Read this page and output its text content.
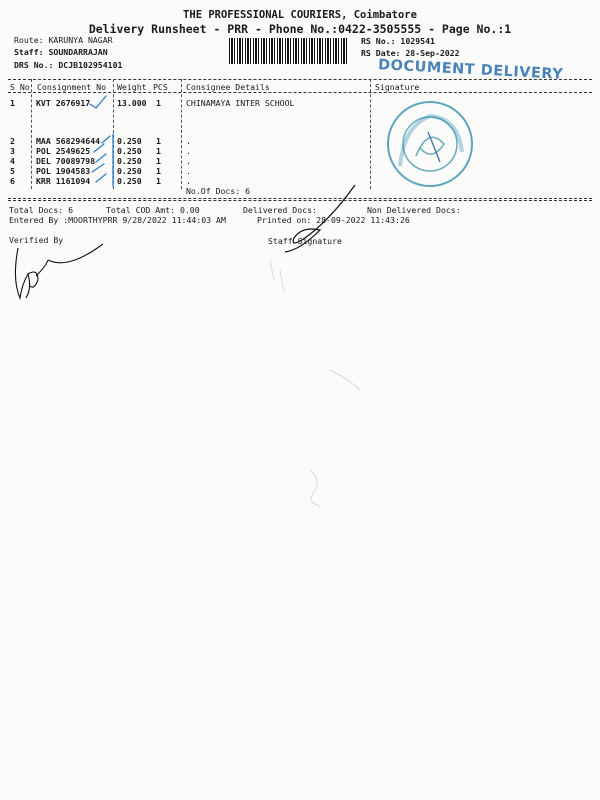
THE PROFESSIONAL COURIERS, Coimbatore
Delivery Runsheet - PRR - Phone No.:0422-3505555 - Page No.:1
Route: KARUNYA NAGAR
Staff: SOUNDARRAJAN
DRS No.: DCJB102954101
RS No.: 1029541
RS Date: 28-Sep-2022
DOCUMENT DELIVERY
S No Consignment No Weight PCS Consignee Details	Signature
1	KVT 2676917	13.000 1	CHINAMAYA INTER SCHOOL
2	MAA 568294644 0.250 1	.
3	POL 2549625	0.250 1	.
4	DEL 70089798	0.250 1	.
5	POL 1904583	0.250 1	.
6	KRR 1161094	0.250 1	.
No.Of Docs: 6
Total Docs: 6	Total COD Amt: 0.00	Delivered Docs:	Non Delivered Docs:
Entered By :MOORTHYPRR 9/28/2022 11:44:03 AM	Printed on: 28-09-2022 11:43:26
Verified By	Staff Signature
